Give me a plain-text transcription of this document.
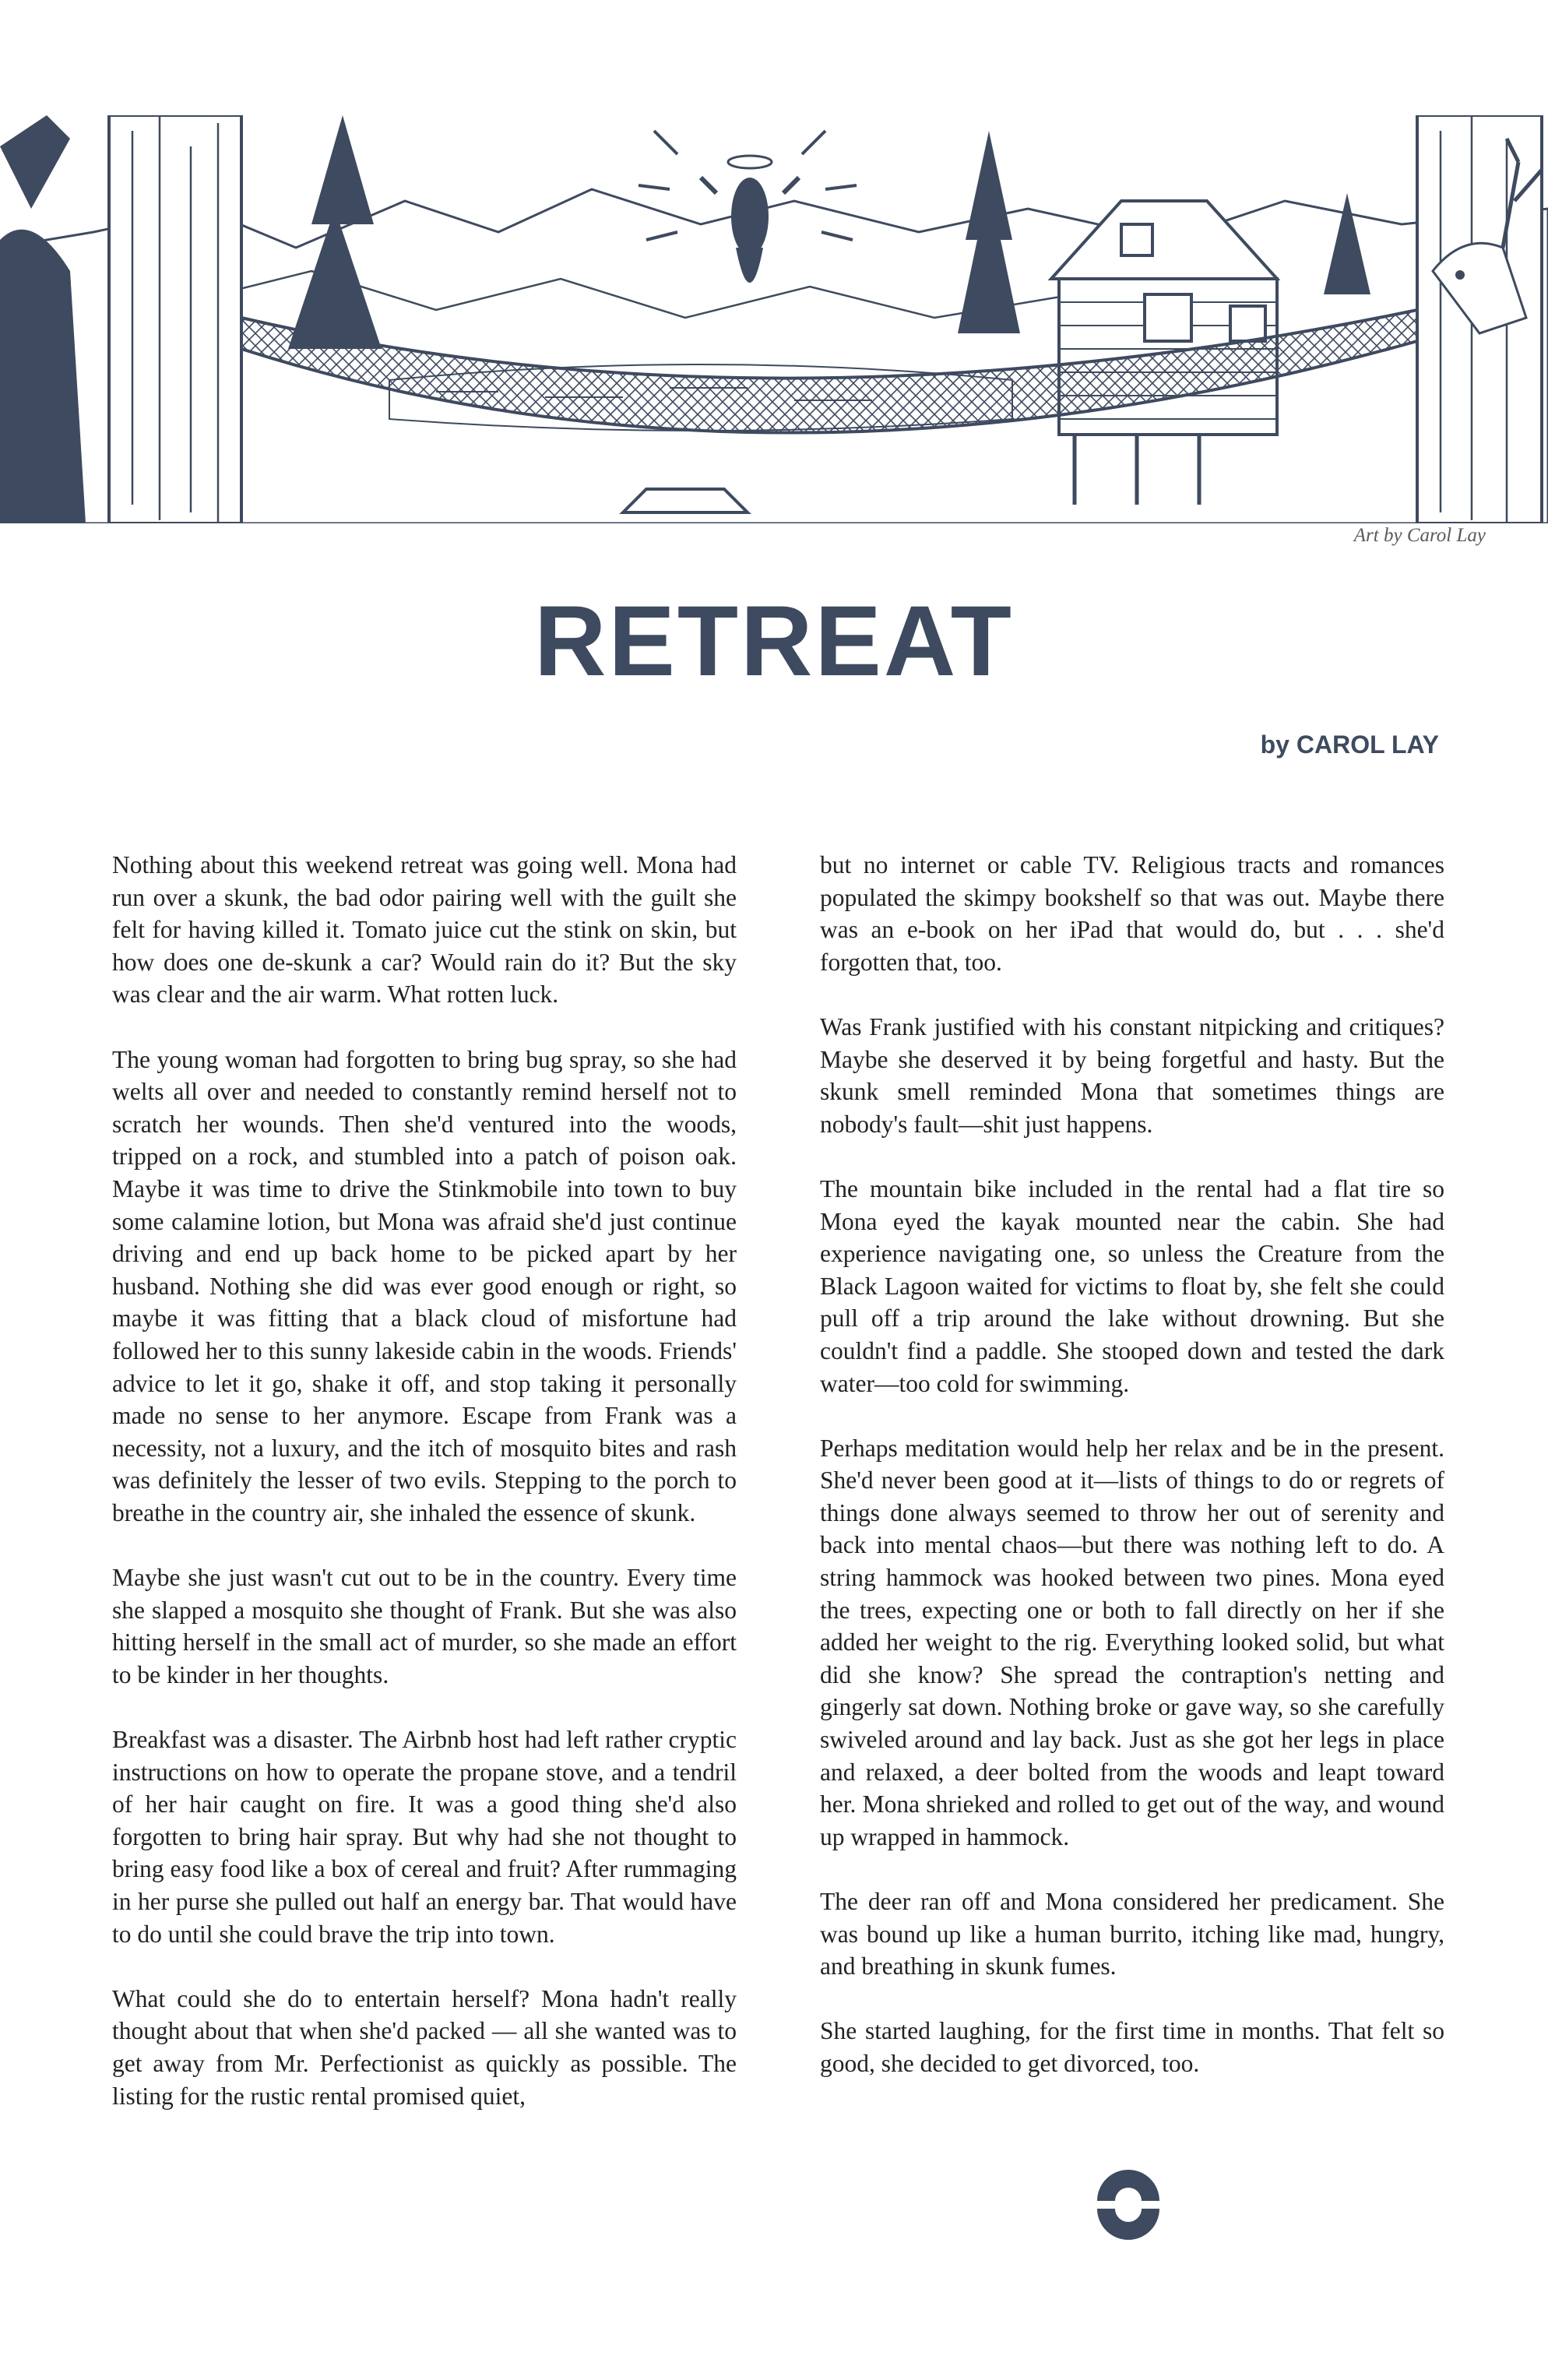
Art by Carol Lay
RETREAT
by CAROL LAY

Nothing about this weekend retreat was going well. Mona had run over a skunk, the bad odor pairing well with the guilt she felt for having killed it. Tomato juice cut the stink on skin, but how does one de-skunk a car? Would rain do it? But the sky was clear and the air warm. What rotten luck.

The young woman had forgotten to bring bug spray, so she had welts all over and needed to constantly remind herself not to scratch her wounds. Then she'd ventured into the woods, tripped on a rock, and stumbled into a patch of poison oak. Maybe it was time to drive the Stinkmobile into town to buy some calamine lotion, but Mona was afraid she'd just continue driving and end up back home to be picked apart by her husband. Nothing she did was ever good enough or right, so maybe it was fitting that a black cloud of misfortune had followed her to this sunny lakeside cabin in the woods. Friends' advice to let it go, shake it off, and stop taking it personally made no sense to her anymore. Escape from Frank was a necessity, not a luxury, and the itch of mosquito bites and rash was definitely the lesser of two evils. Stepping to the porch to breathe in the country air, she inhaled the essence of skunk.

Maybe she just wasn't cut out to be in the country. Every time she slapped a mosquito she thought of Frank. But she was also hitting herself in the small act of murder, so she made an effort to be kinder in her thoughts.

Breakfast was a disaster. The Airbnb host had left rather cryptic instructions on how to operate the propane stove, and a tendril of her hair caught on fire. It was a good thing she'd also forgotten to bring hair spray. But why had she not thought to bring easy food like a box of cereal and fruit? After rummaging in her purse she pulled out half an energy bar. That would have to do until she could brave the trip into town.

What could she do to entertain herself? Mona hadn't really thought about that when she'd packed — all she wanted was to get away from Mr. Perfectionist as quickly as possible. The listing for the rustic rental promised quiet,

but no internet or cable TV. Religious tracts and romances populated the skimpy bookshelf so that was out. Maybe there was an e-book on her iPad that would do, but . . . she'd forgotten that, too.

Was Frank justified with his constant nitpicking and critiques? Maybe she deserved it by being forgetful and hasty. But the skunk smell reminded Mona that sometimes things are nobody's fault—shit just happens.

The mountain bike included in the rental had a flat tire so Mona eyed the kayak mounted near the cabin. She had experience navigating one, so unless the Creature from the Black Lagoon waited for victims to float by, she felt she could pull off a trip around the lake without drowning. But she couldn't find a paddle. She stooped down and tested the dark water—too cold for swimming.

Perhaps meditation would help her relax and be in the present. She'd never been good at it—lists of things to do or regrets of things done always seemed to throw her out of serenity and back into mental chaos—but there was nothing left to do. A string hammock was hooked between two pines. Mona eyed the trees, expecting one or both to fall directly on her if she added her weight to the rig. Everything looked solid, but what did she know? She spread the contraption's netting and gingerly sat down. Nothing broke or gave way, so she carefully swiveled around and lay back. Just as she got her legs in place and relaxed, a deer bolted from the woods and leapt toward her. Mona shrieked and rolled to get out of the way, and wound up wrapped in hammock.

The deer ran off and Mona considered her predicament. She was bound up like a human burrito, itching like mad, hungry, and breathing in skunk fumes.

She started laughing, for the first time in months. That felt so good, she decided to get divorced, too.
